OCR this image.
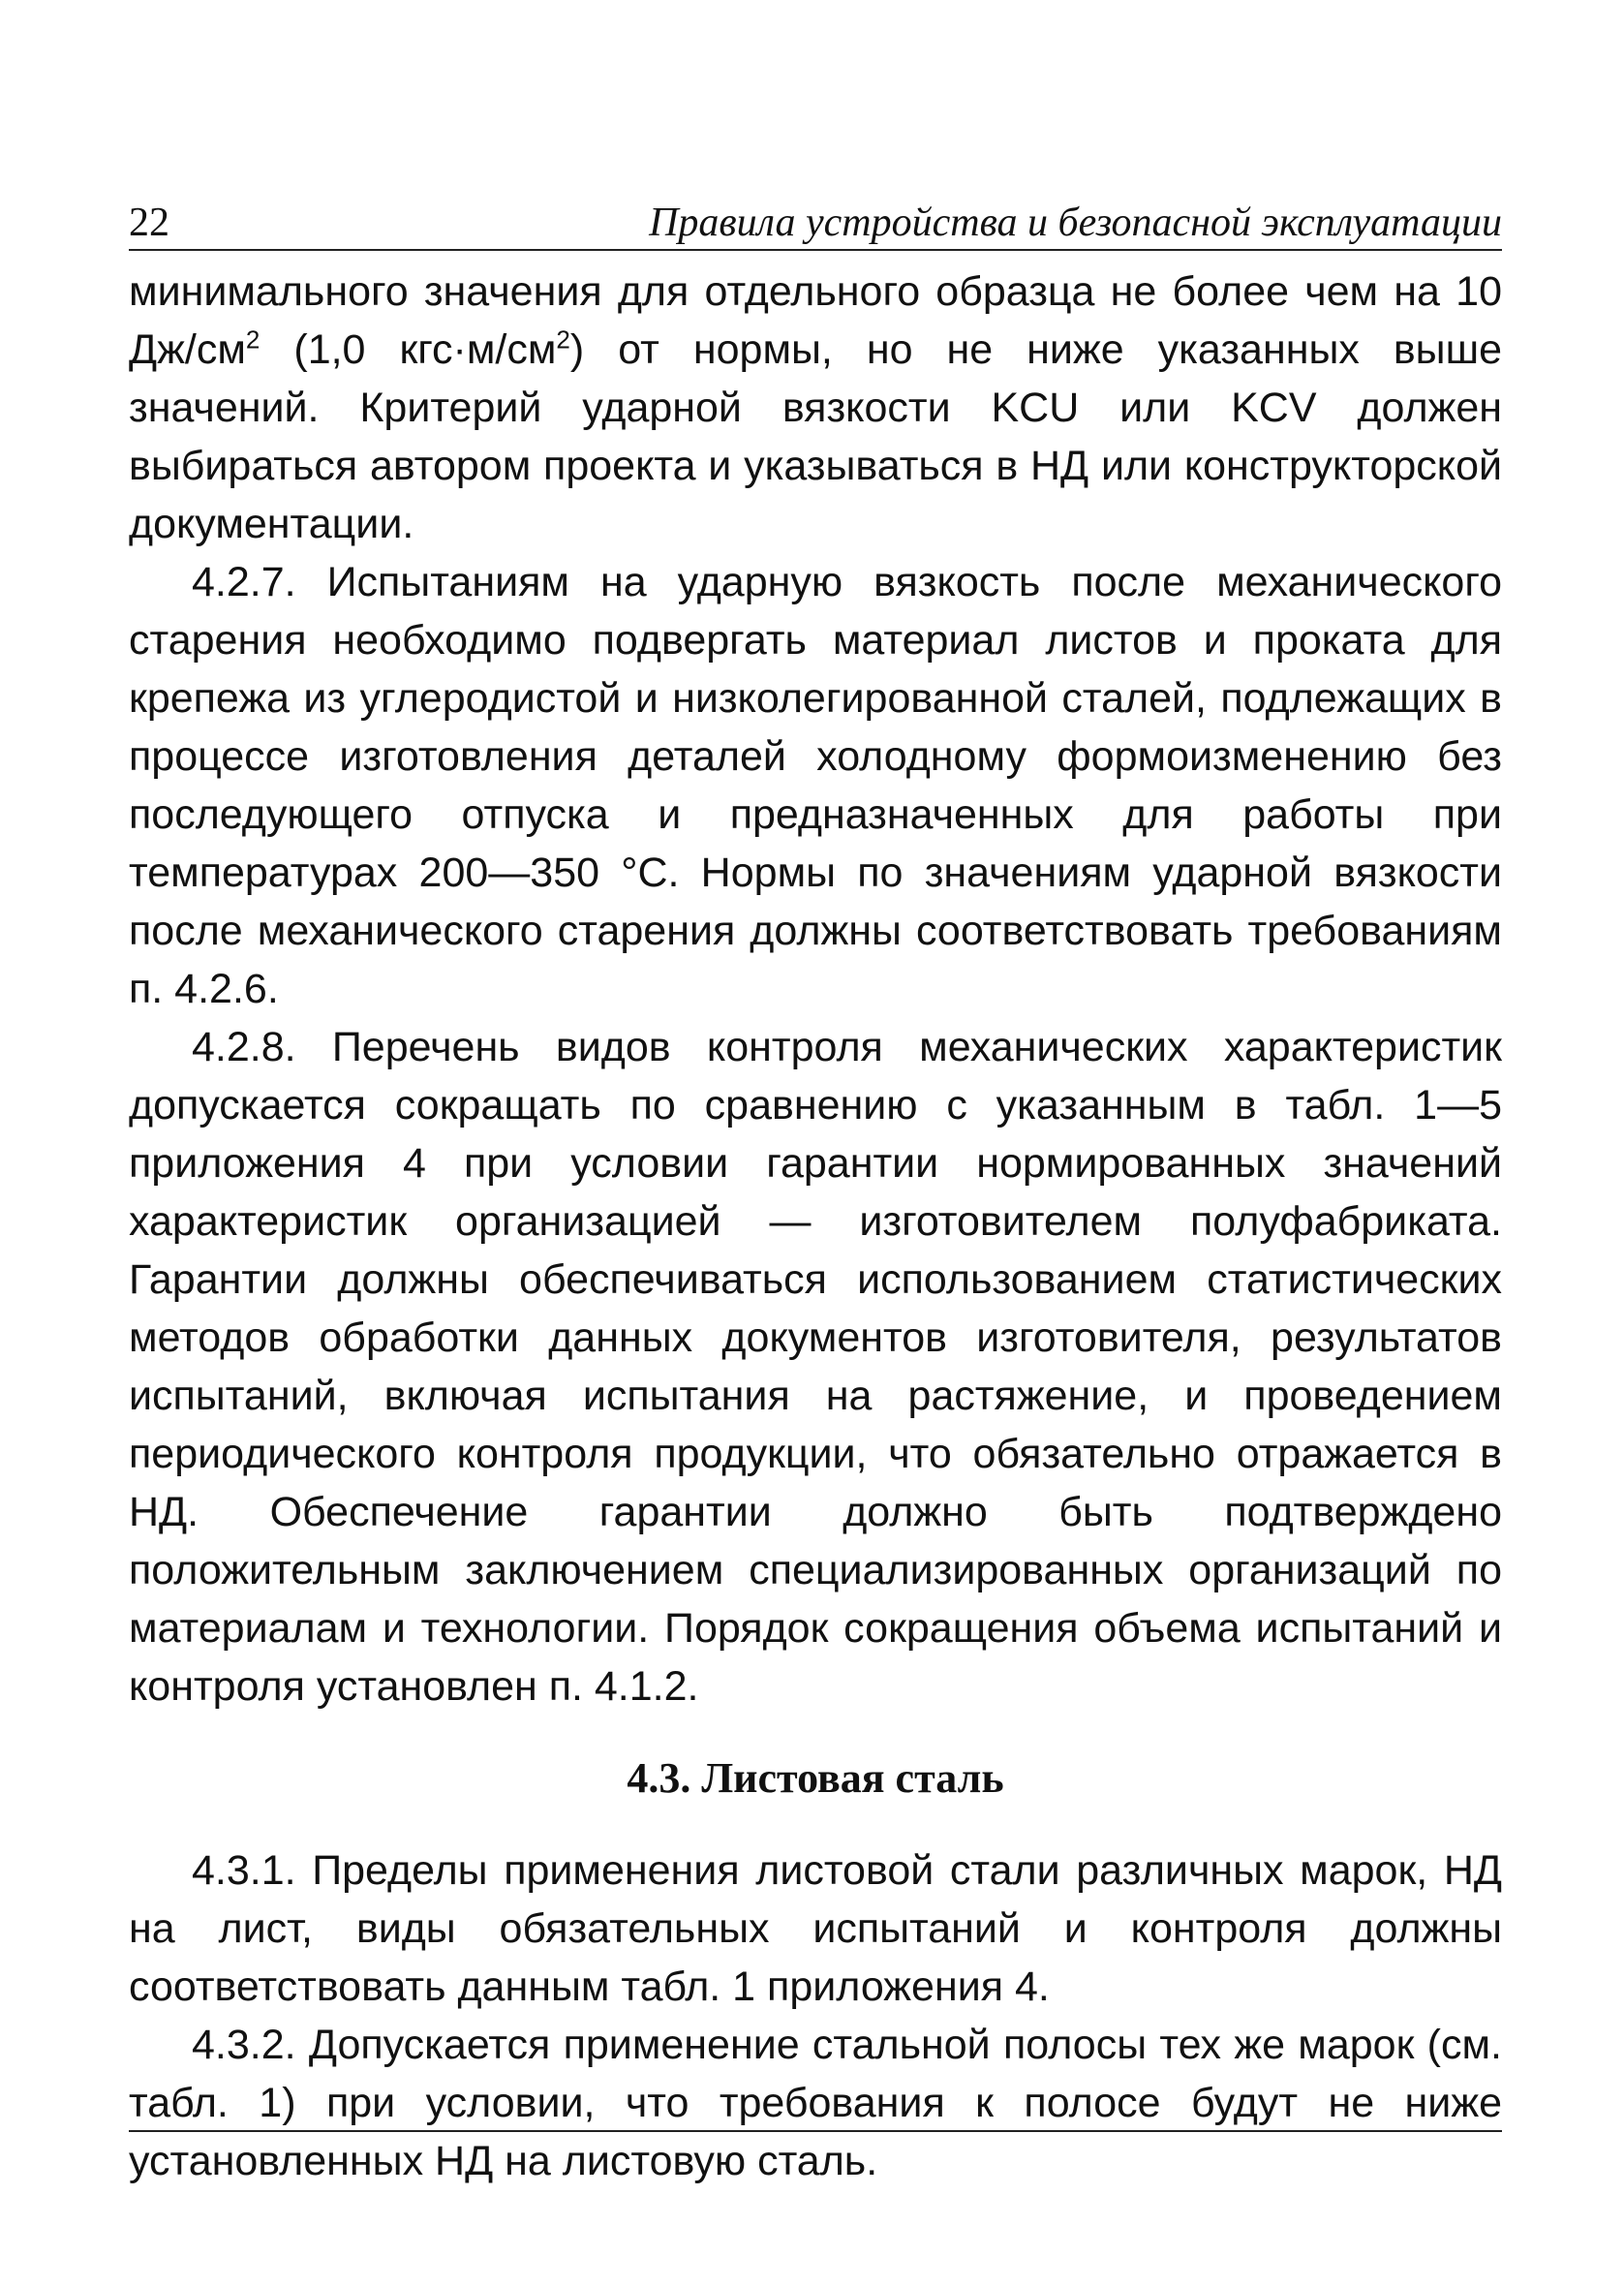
22	Правила устройства и безопасной эксплуатации

минимального значения для отдельного образца не более чем на 10 $Дж/см^2$ (1,0 $кгс\cdot м/см^2$) от нормы, но не ниже указанных выше значений. Критерий ударной вязкости KCU или KCV должен выбираться автором проекта и указываться в НД или конструкторской документации.

4.2.7. Испытаниям на ударную вязкость после механического старения необходимо подвергать материал листов и проката для крепежа из углеродистой и низколегированной сталей, подлежащих в процессе изготовления деталей холодному формоизменению без последующего отпуска и предназначенных для работы при температурах 200—350 °С. Нормы по значениям ударной вязкости после механического старения должны соответствовать требованиям п. 4.2.6.

4.2.8. Перечень видов контроля механических характеристик допускается сокращать по сравнению с указанным в табл. 1—5 приложения 4 при условии гарантии нормированных значений характеристик организацией — изготовителем полуфабриката. Гарантии должны обеспечиваться использованием статистических методов обработки данных документов изготовителя, результатов испытаний, включая испытания на растяжение, и проведением периодического контроля продукции, что обязательно отражается в НД. Обеспечение гарантии должно быть подтверждено положительным заключением специализированных организаций по материалам и технологии. Порядок сокращения объема испытаний и контроля установлен п. 4.1.2.

4.3. Листовая сталь

4.3.1. Пределы применения листовой стали различных марок, НД на лист, виды обязательных испытаний и контроля должны соответствовать данным табл. 1 приложения 4.

4.3.2. Допускается применение стальной полосы тех же марок (см. табл. 1) при условии, что требования к полосе будут не ниже установленных НД на листовую сталь.
